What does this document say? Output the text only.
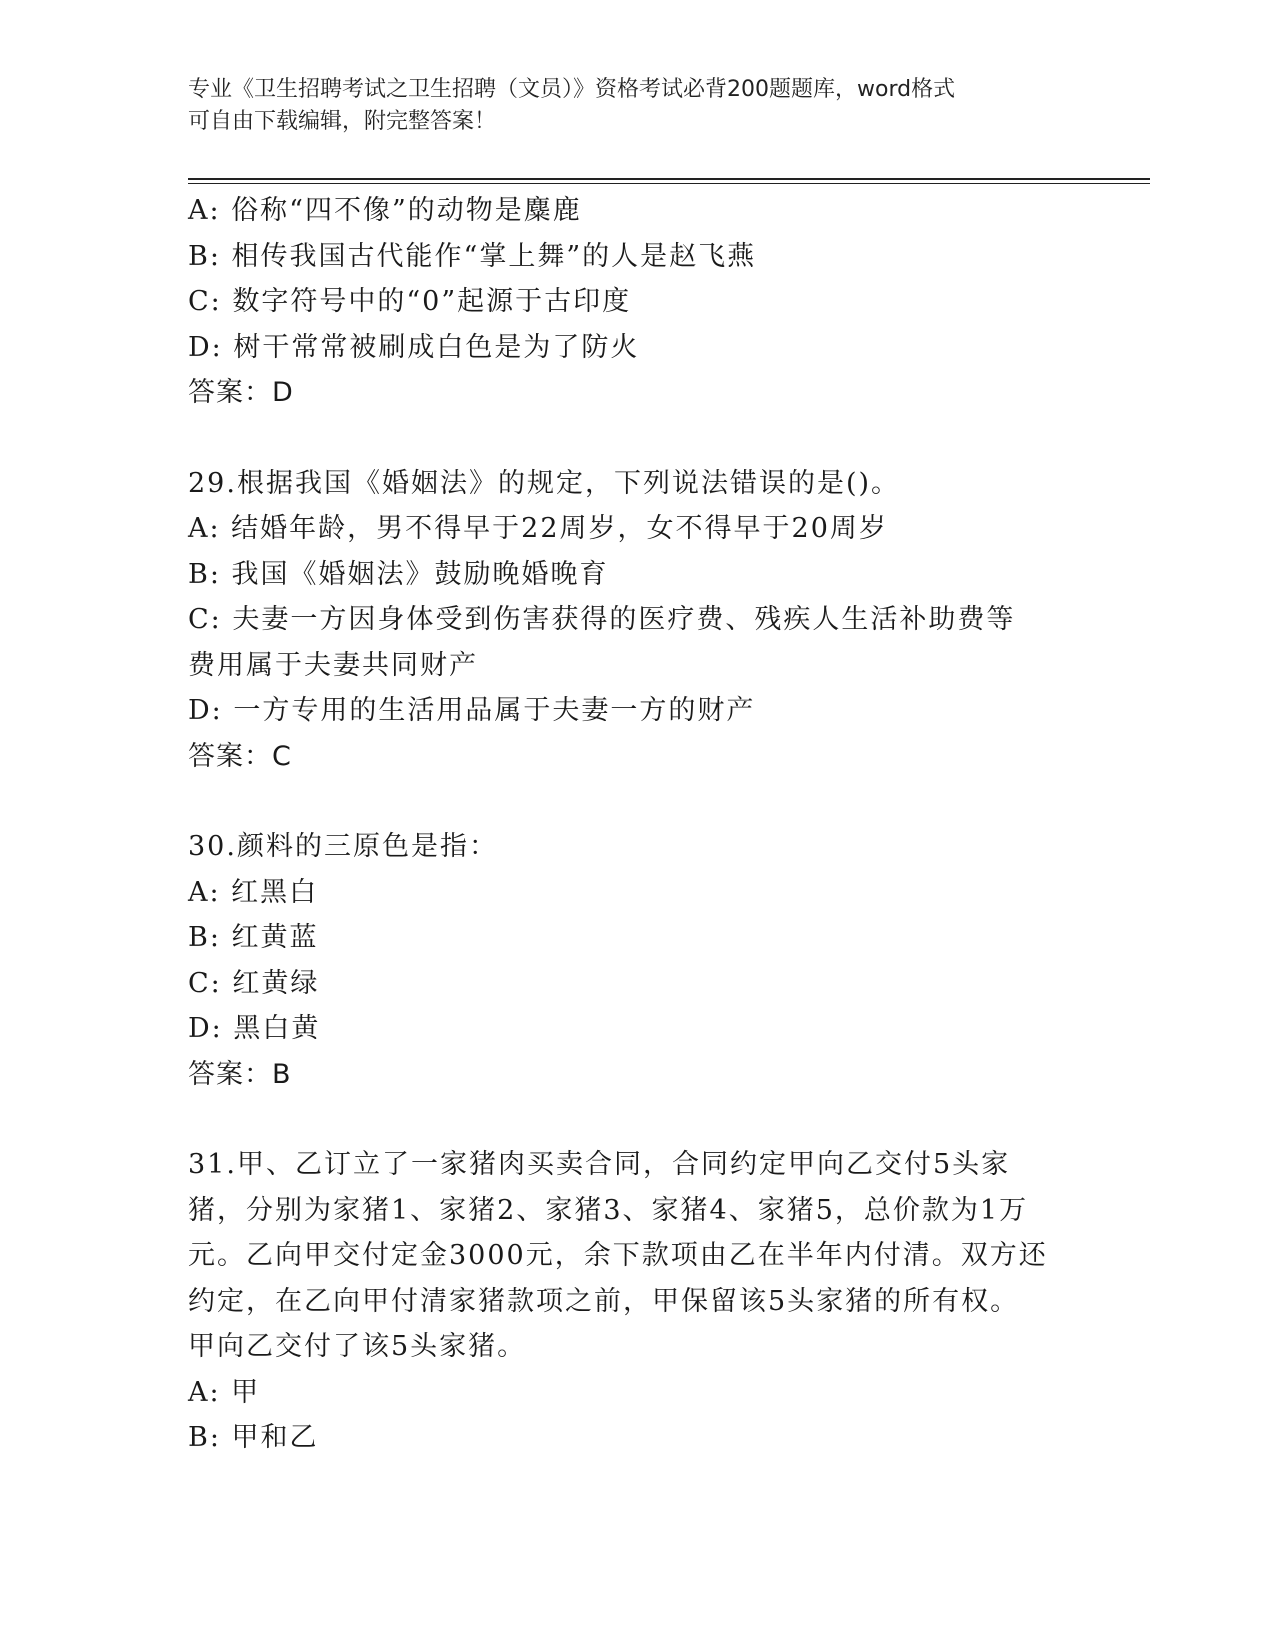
专业《卫生招聘考试之卫生招聘（文员）》资格考试必背200题题库，word格式
可自由下载编辑，附完整答案！
A: 俗称“四不像”的动物是麋鹿
B: 相传我国古代能作“掌上舞”的人是赵飞燕
C: 数字符号中的“0”起源于古印度
D: 树干常常被刷成白色是为了防火
答案：D
29.根据我国《婚姻法》的规定，下列说法错误的是()。
A: 结婚年龄，男不得早于22周岁，女不得早于20周岁
B: 我国《婚姻法》鼓励晚婚晚育
C: 夫妻一方因身体受到伤害获得的医疗费、残疾人生活补助费等费用属于夫妻共同财产
D: 一方专用的生活用品属于夫妻一方的财产
答案：C
30.颜料的三原色是指：
A: 红黑白
B: 红黄蓝
C: 红黄绿
D: 黑白黄
答案：B
31.甲、乙订立了一家猪肉买卖合同，合同约定甲向乙交付5头家猪，分别为家猪1、家猪2、家猪3、家猪4、家猪5，总价款为1万元。乙向甲交付定金3000元，余下款项由乙在半年内付清。双方还约定，在乙向甲付清家猪款项之前，甲保留该5头家猪的所有权。甲向乙交付了该5头家猪。
A: 甲
B: 甲和乙
